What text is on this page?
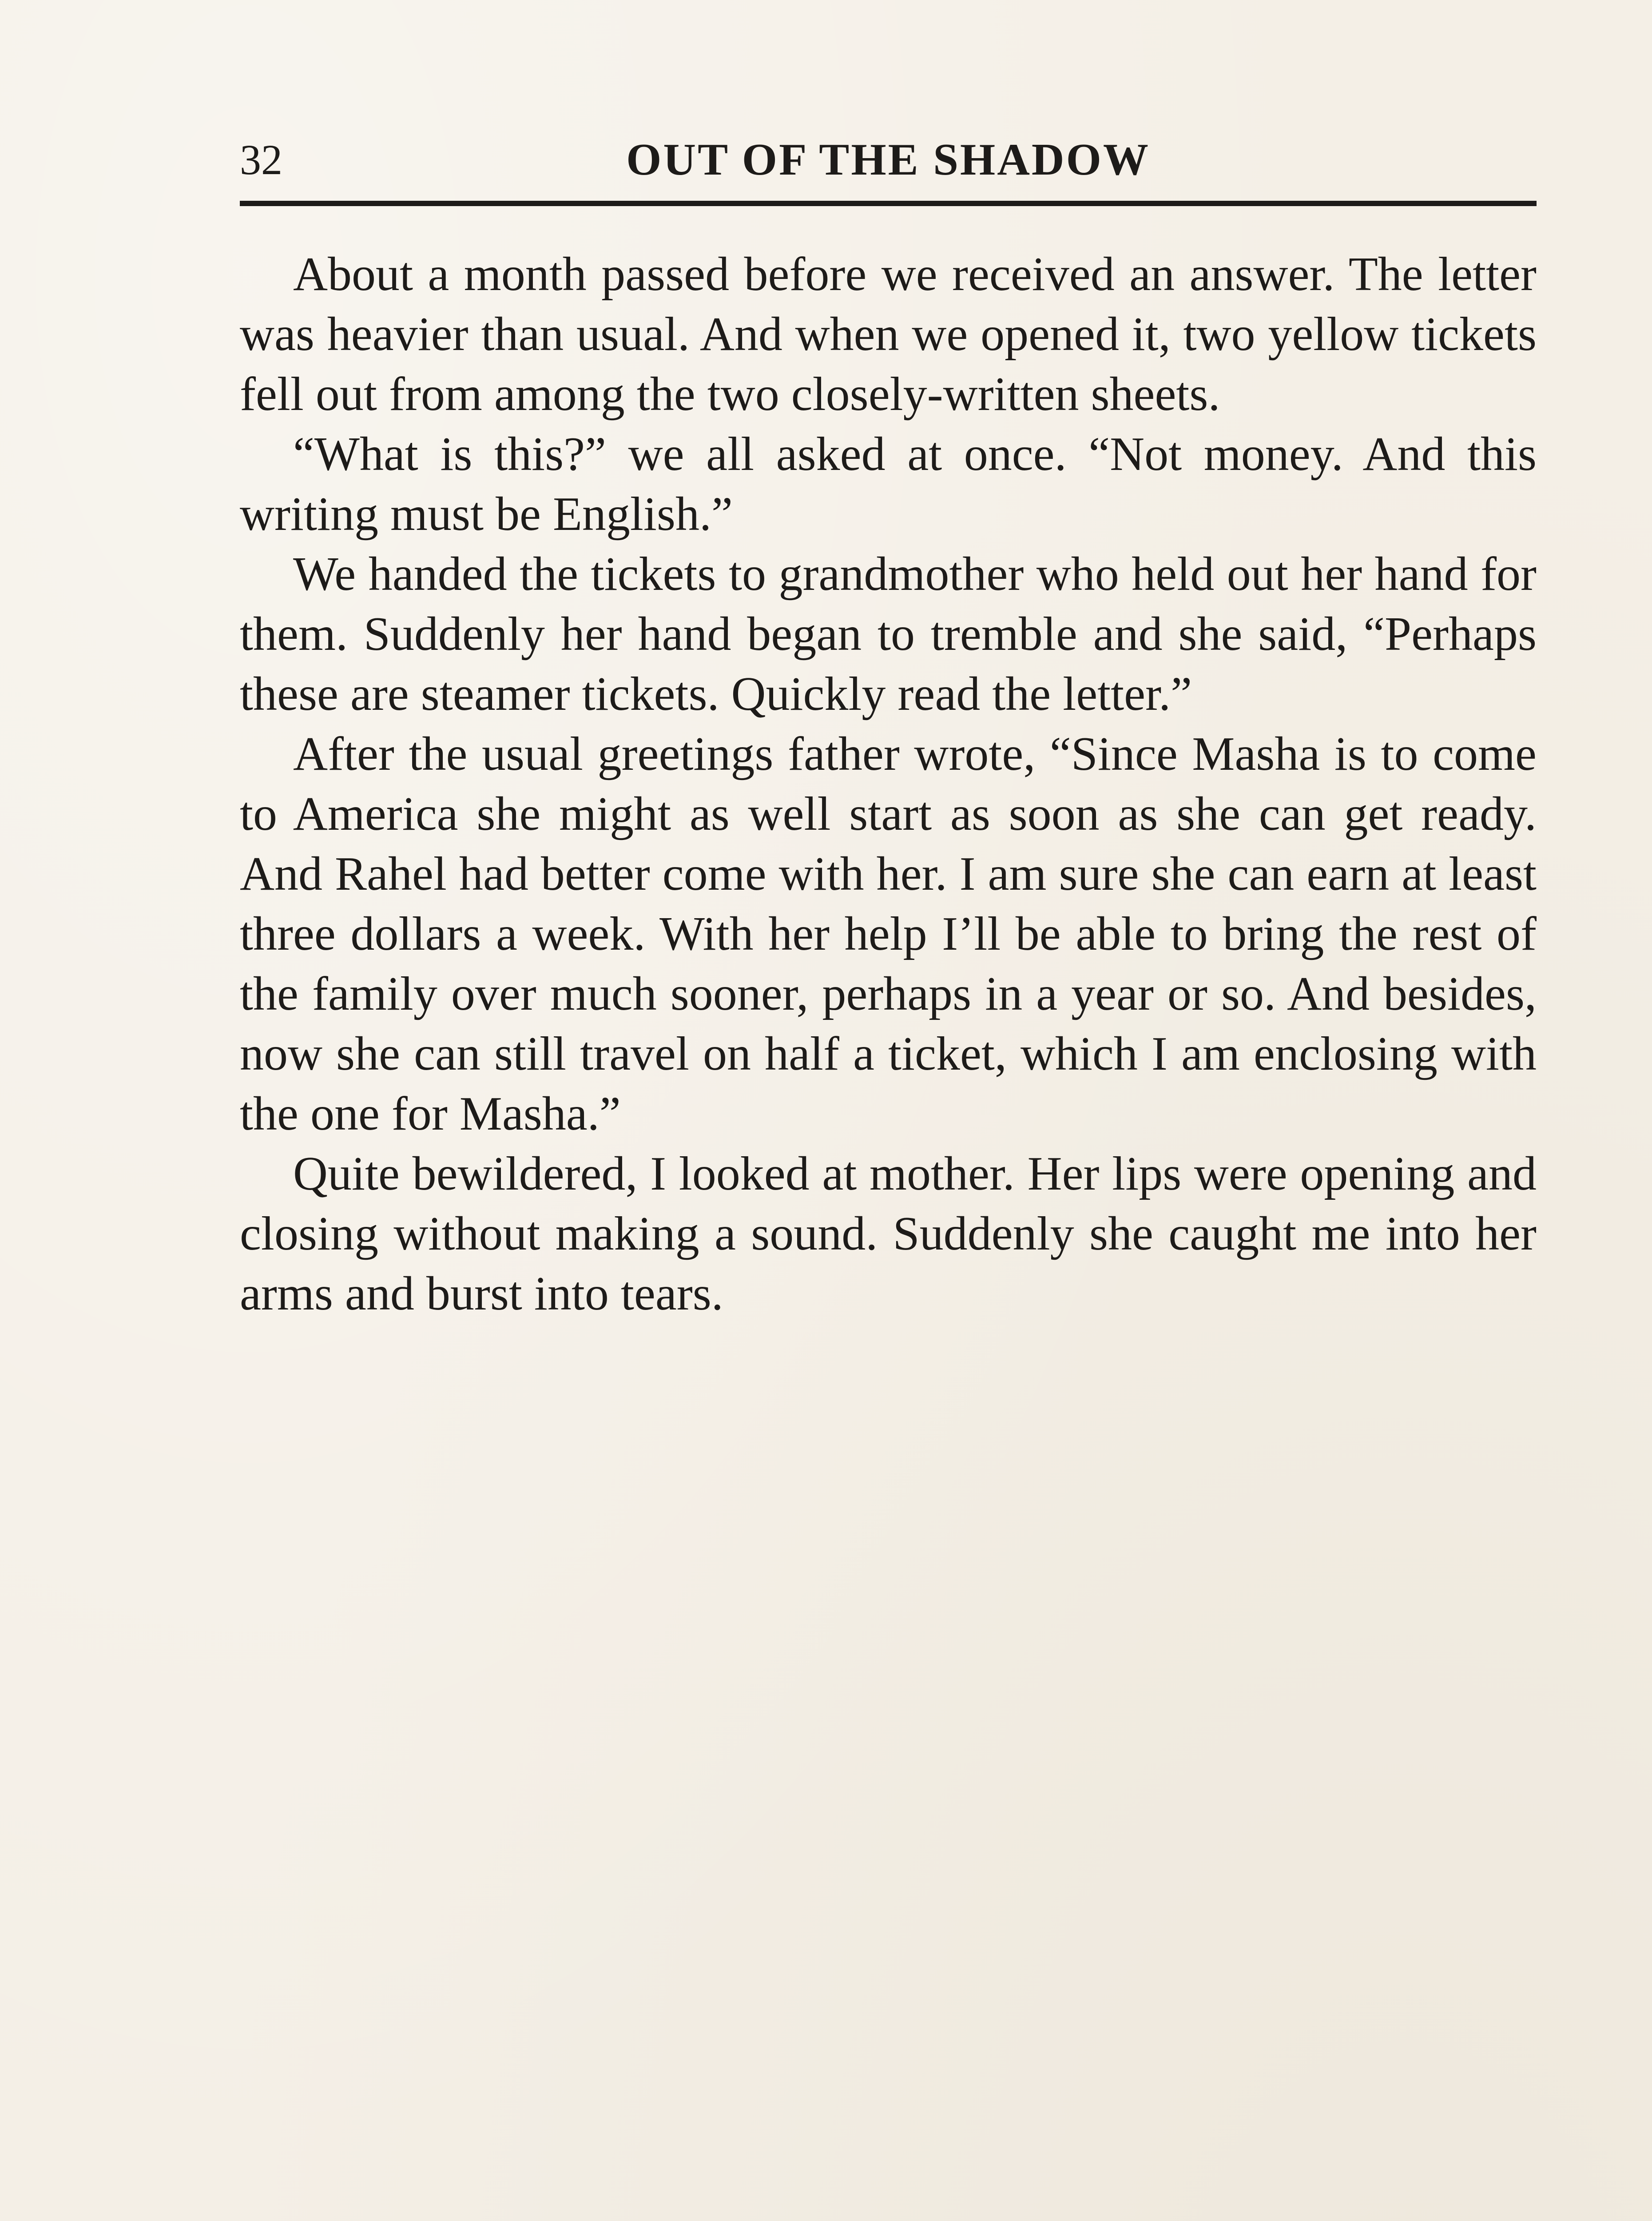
32	OUT OF THE SHADOW

About a month passed before we received an answer. The letter was heavier than usual. And when we opened it, two yellow tickets fell out from among the two closely-written sheets.

“What is this?” we all asked at once. “Not money. And this writing must be English.”

We handed the tickets to grandmother who held out her hand for them. Suddenly her hand began to tremble and she said, “Perhaps these are steamer tickets. Quickly read the letter.”

After the usual greetings father wrote, “Since Masha is to come to America she might as well start as soon as she can get ready. And Rahel had better come with her. I am sure she can earn at least three dollars a week. With her help I’ll be able to bring the rest of the family over much sooner, perhaps in a year or so. And besides, now she can still travel on half a ticket, which I am enclosing with the one for Masha.”

Quite bewildered, I looked at mother. Her lips were opening and closing without making a sound. Suddenly she caught me into her arms and burst into tears.
